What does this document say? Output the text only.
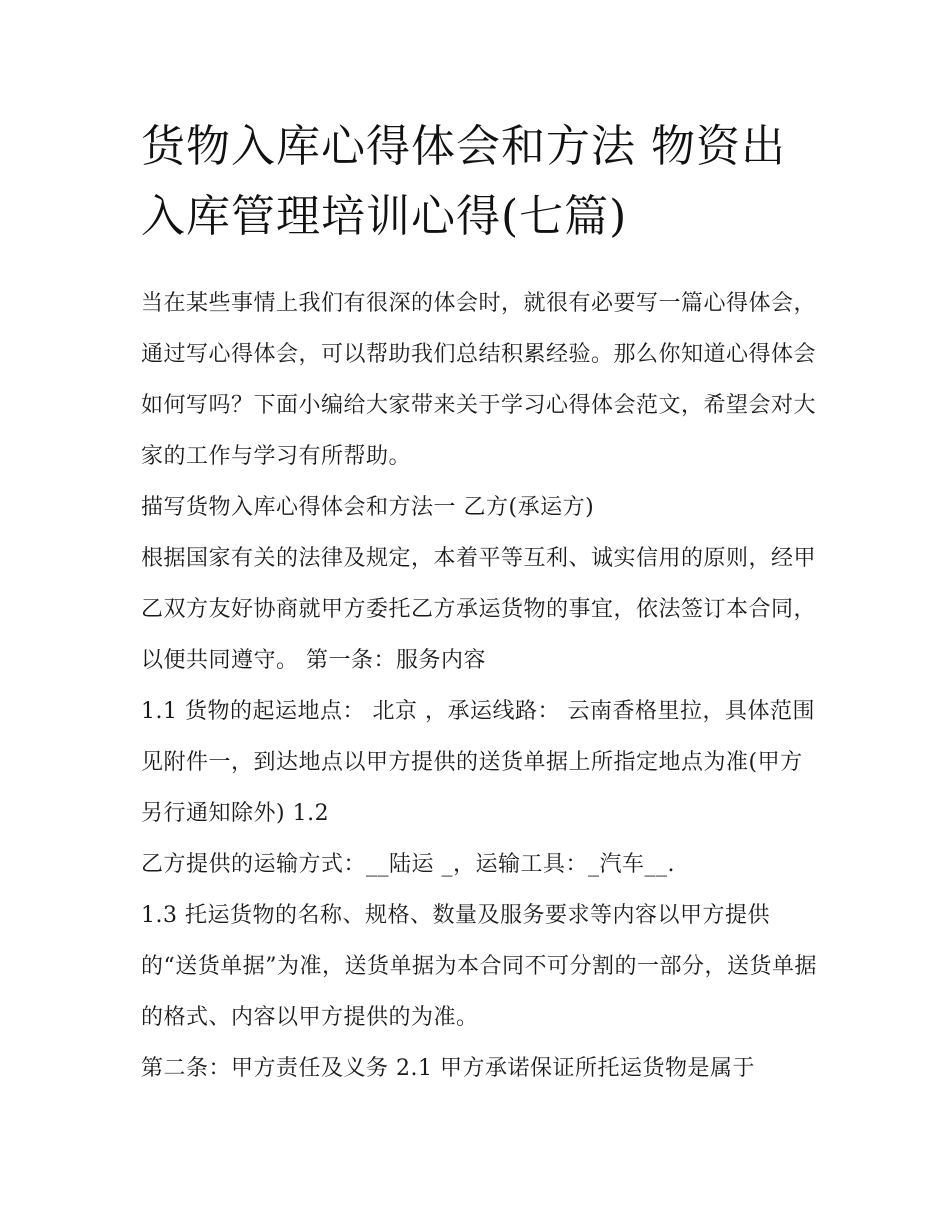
货物入库心得体会和方法 物资出入库管理培训心得(七篇)

当在某些事情上我们有很深的体会时，就很有必要写一篇心得体会，通过写心得体会，可以帮助我们总结积累经验。那么你知道心得体会如何写吗？下面小编给大家带来关于学习心得体会范文，希望会对大家的工作与学习有所帮助。

描写货物入库心得体会和方法一 乙方(承运方)

根据国家有关的法律及规定，本着平等互利、诚实信用的原则，经甲乙双方友好协商就甲方委托乙方承运货物的事宜，依法签订本合同，以便共同遵守。 第一条：服务内容

1.1 货物的起运地点： 北京 ，承运线路： 云南香格里拉，具体范围见附件一，到达地点以甲方提供的送货单据上所指定地点为准(甲方另行通知除外) 1.2

乙方提供的运输方式：__陆运 _，运输工具：_汽车__.

1.3 托运货物的名称、规格、数量及服务要求等内容以甲方提供的“送货单据”为准，送货单据为本合同不可分割的一部分，送货单据的格式、内容以甲方提供的为准。

第二条：甲方责任及义务 2.1 甲方承诺保证所托运货物是属于
